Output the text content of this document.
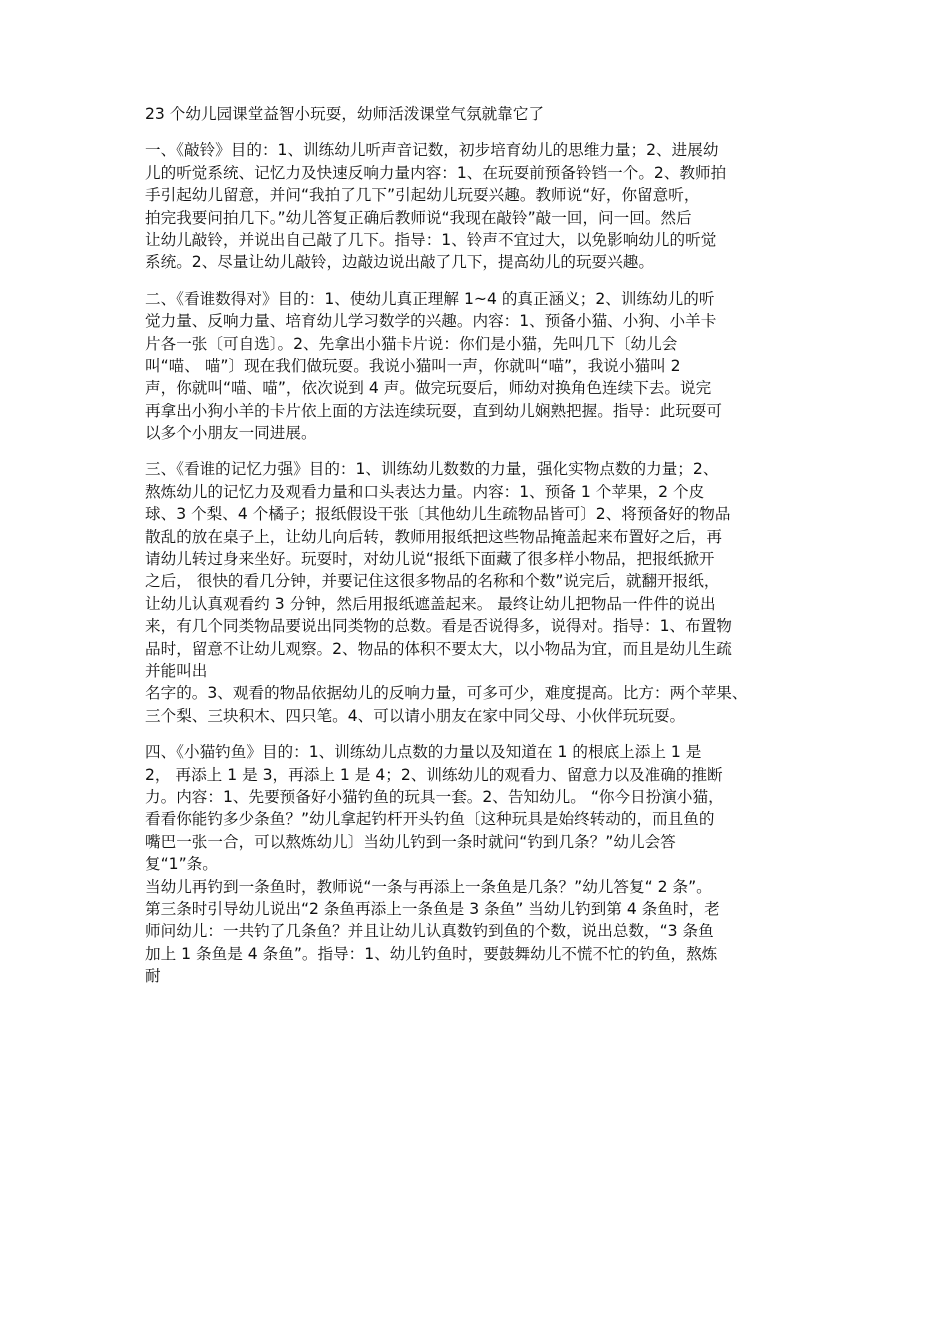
23 个幼儿园课堂益智小玩耍，幼师活泼课堂气氛就靠它了
一、《敲铃》目的：1、训练幼儿听声音记数，初步培育幼儿的思维力量；2、进展幼
儿的听觉系统、记忆力及快速反响力量内容：1、在玩耍前预备铃铛一个。2、教师拍
手引起幼儿留意，并问“我拍了几下”引起幼儿玩耍兴趣。教师说“好，你留意听，
拍完我要问拍几下。”幼儿答复正确后教师说“我现在敲铃”敲一回，问一回。然后
让幼儿敲铃，并说出自己敲了几下。指导：1、铃声不宜过大，以免影响幼儿的听觉
系统。2、尽量让幼儿敲铃，边敲边说出敲了几下，提高幼儿的玩耍兴趣。
二、《看谁数得对》目的：1、使幼儿真正理解 1~4 的真正涵义；2、训练幼儿的听
觉力量、反响力量、培育幼儿学习数学的兴趣。内容：1、预备小猫、小狗、小羊卡
片各一张〔可自选〕。2、先拿出小猫卡片说：你们是小猫，先叫几下〔幼儿会
叫“喵、 喵”〕现在我们做玩耍。我说小猫叫一声，你就叫“喵”，我说小猫叫 2
声，你就叫“喵、喵”，依次说到 4 声。做完玩耍后，师幼对换角色连续下去。说完
再拿出小狗小羊的卡片依上面的方法连续玩耍，直到幼儿娴熟把握。指导：此玩耍可
以多个小朋友一同进展。
三、《看谁的记忆力强》目的：1、训练幼儿数数的力量，强化实物点数的力量；2、
熬炼幼儿的记忆力及观看力量和口头表达力量。内容：1、预备 1 个苹果，2 个皮
球、3 个梨、4 个橘子；报纸假设干张〔其他幼儿生疏物品皆可〕2、将预备好的物品
散乱的放在桌子上，让幼儿向后转，教师用报纸把这些物品掩盖起来布置好之后，再
请幼儿转过身来坐好。玩耍时，对幼儿说“报纸下面藏了很多样小物品，把报纸掀开
之后， 很快的看几分钟，并要记住这很多物品的名称和个数”说完后，就翻开报纸，
让幼儿认真观看约 3 分钟，然后用报纸遮盖起来。 最终让幼儿把物品一件件的说出
来，有几个同类物品要说出同类物的总数。看是否说得多，说得对。指导：1、布置物
品时，留意不让幼儿观察。2、物品的体积不要太大，以小物品为宜，而且是幼儿生疏
并能叫出
名字的。3、观看的物品依据幼儿的反响力量，可多可少，难度提高。比方：两个苹果、
三个梨、三块积木、四只笔。4、可以请小朋友在家中同父母、小伙伴玩玩耍。
四、《小猫钓鱼》目的：1、训练幼儿点数的力量以及知道在 1 的根底上添上 1 是
2， 再添上 1 是 3，再添上 1 是 4；2、训练幼儿的观看力、留意力以及准确的推断
力。内容：1、先要预备好小猫钓鱼的玩具一套。2、告知幼儿。 “你今日扮演小猫，
看看你能钓多少条鱼？”幼儿拿起钓杆开头钓鱼〔这种玩具是始终转动的，而且鱼的
嘴巴一张一合，可以熬炼幼儿〕当幼儿钓到一条时就问“钓到几条？”幼儿会答
复“1”条。
当幼儿再钓到一条鱼时，教师说“一条与再添上一条鱼是几条？”幼儿答复“ 2 条”。
第三条时引导幼儿说出“2 条鱼再添上一条鱼是 3 条鱼” 当幼儿钓到第 4 条鱼时，老
师问幼儿：一共钓了几条鱼？并且让幼儿认真数钓到鱼的个数，说出总数，“3 条鱼
加上 1 条鱼是 4 条鱼”。指导：1、幼儿钓鱼时，要鼓舞幼儿不慌不忙的钓鱼，熬炼
耐
